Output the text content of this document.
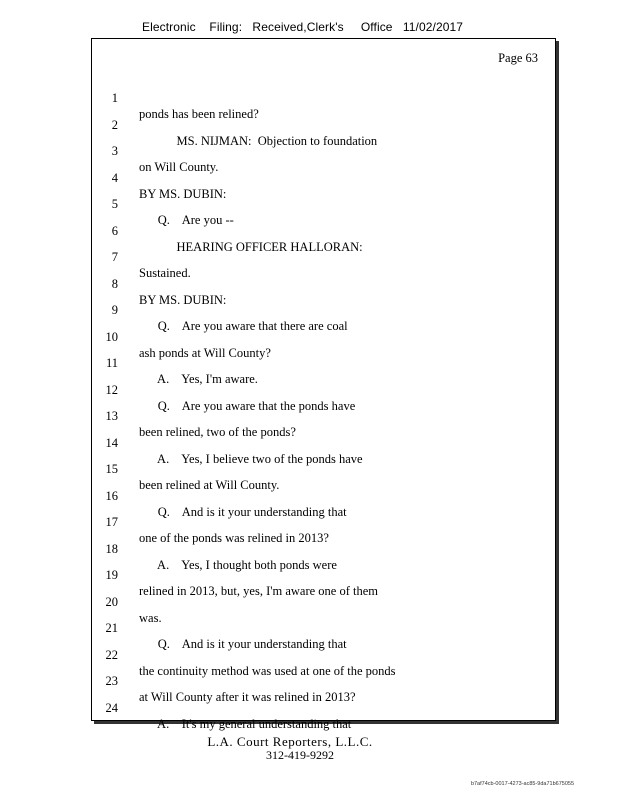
Electronic    Filing:   Received,Clerk's     Office   11/02/2017
Page 63

1

ponds has been relined?

2

MS. NIJMAN:  Objection to foundation

3

on Will County.

4

BY MS. DUBIN:

5

Q.    Are you --

6

HEARING OFFICER HALLORAN:

7

Sustained.

8

BY MS. DUBIN:

9

Q.    Are you aware that there are coal

10

ash ponds at Will County?

11

A.    Yes, I'm aware.

12

Q.    Are you aware that the ponds have

13

been relined, two of the ponds?

14

A.    Yes, I believe two of the ponds have

15

been relined at Will County.

16

Q.    And is it your understanding that

17

one of the ponds was relined in 2013?

18

A.    Yes, I thought both ponds were

19

relined in 2013, but, yes, I'm aware one of them

20

was.

21

Q.    And is it your understanding that

22

the continuity method was used at one of the ponds

23

at Will County after it was relined in 2013?

24

A.    It's my general understanding that

L.A. Court Reporters, L.L.C.
312-419-9292
b7af74cb-0017-4273-ac85-9da71b675055
